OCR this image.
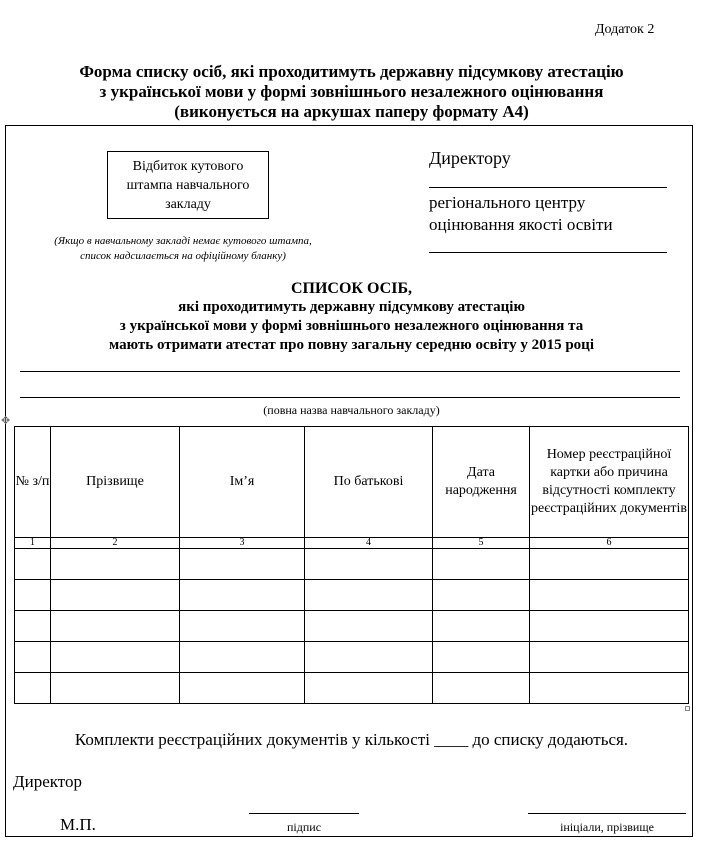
Додаток 2
Форма списку осіб, які проходитимуть державну підсумкову атестацію
з української мови у формі зовнішнього незалежного оцінювання
(виконується на аркушах паперу формату А4)
Відбиток кутового
штампа навчального
закладу
(Якщо в навчальному закладі немає кутового штампа,
список надсилається на офіційному бланку)
Директору
регіонального центру
оцінювання якості освіти
СПИСОК ОСІБ,
які проходитимуть державну підсумкову атестацію
з української мови у формі зовнішнього незалежного оцінювання та
мають отримати атестат про повну загальну середню освіту у 2015 році
(повна назва навчального закладу)
✥
№ з/п	Прізвище	Ім’я	По батькові	Дата народження	Номер реєстраційної картки або причина відсутності комплекту реєстраційних документів
1	2	3	4	5	6

Комплекти реєстраційних документів у кількості ____ до списку додаються.
Директор
М.П.	підпис	ініціали, прізвище
